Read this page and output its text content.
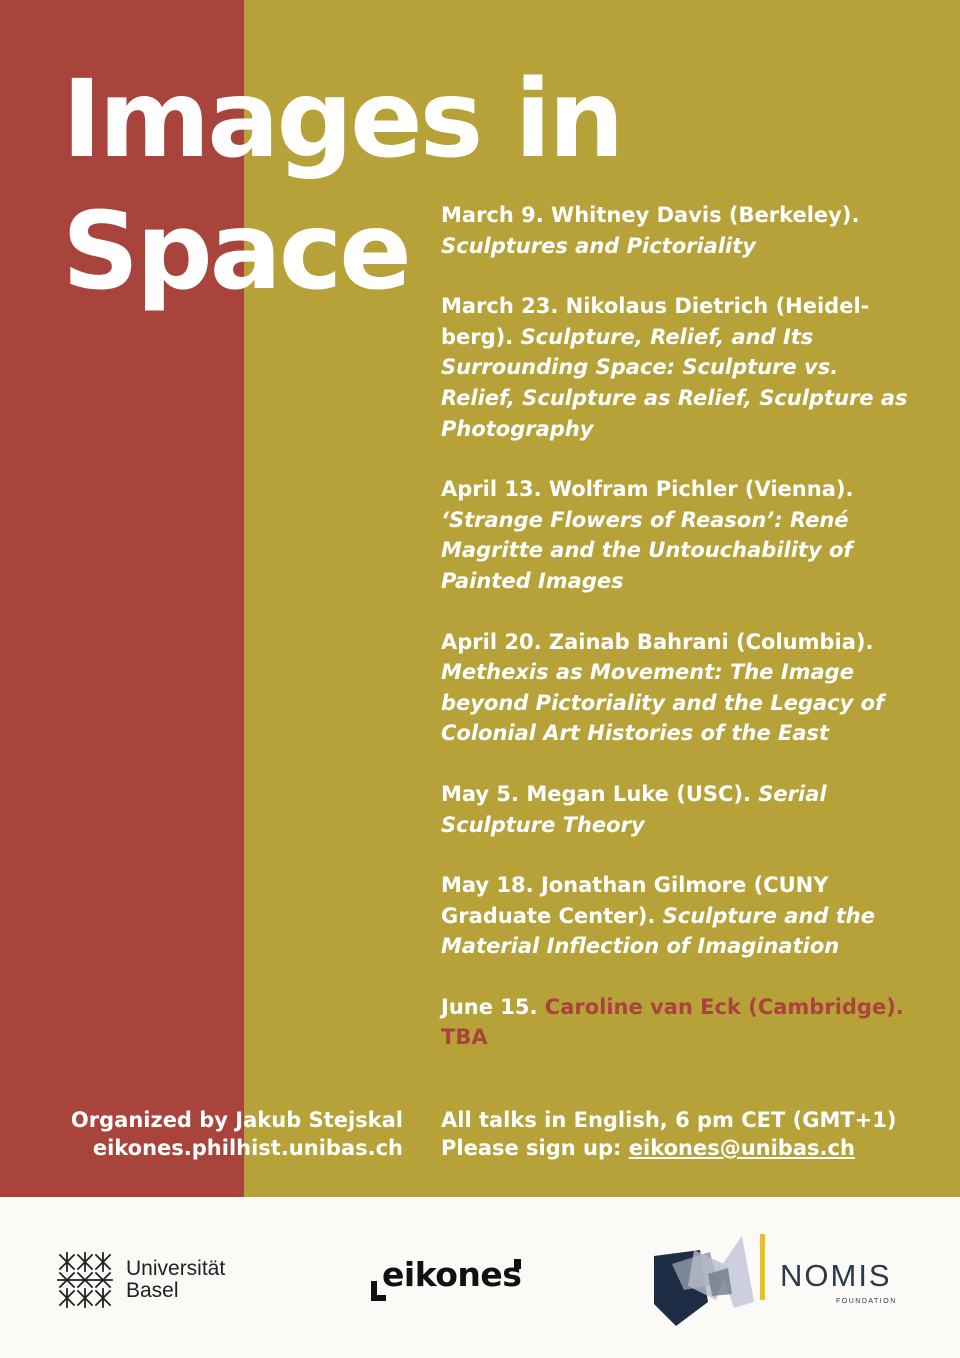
Images in
Space	March 9. Whitney Davis (Berkeley). Sculptures and Pictoriality

March 23. Nikolaus Dietrich (Heidel-berg). Sculpture, Relief, and Its Surrounding Space: Sculpture vs. Relief, Sculpture as Relief, Sculpture as Photography

April 13. Wolfram Pichler (Vienna). ‘Strange Flowers of Reason’: René Magritte and the Untouchability of Painted Images

April 20. Zainab Bahrani (Columbia). Methexis as Movement: The Image beyond Pictoriality and the Legacy of Colonial Art Histories of the East

May 5. Megan Luke (USC). Serial Sculpture Theory

May 18. Jonathan Gilmore (CUNY Graduate Center). Sculpture and the Material Inflection of Imagination

June 15. Caroline van Eck (Cambridge). TBA

Organized by Jakub Stejskal
eikones.philhist.unibas.ch
All talks in English, 6 pm CET (GMT+1)
Please sign up: eikones@unibas.ch
Universität
Basel	eikones	NOMIS
FOUNDATION
